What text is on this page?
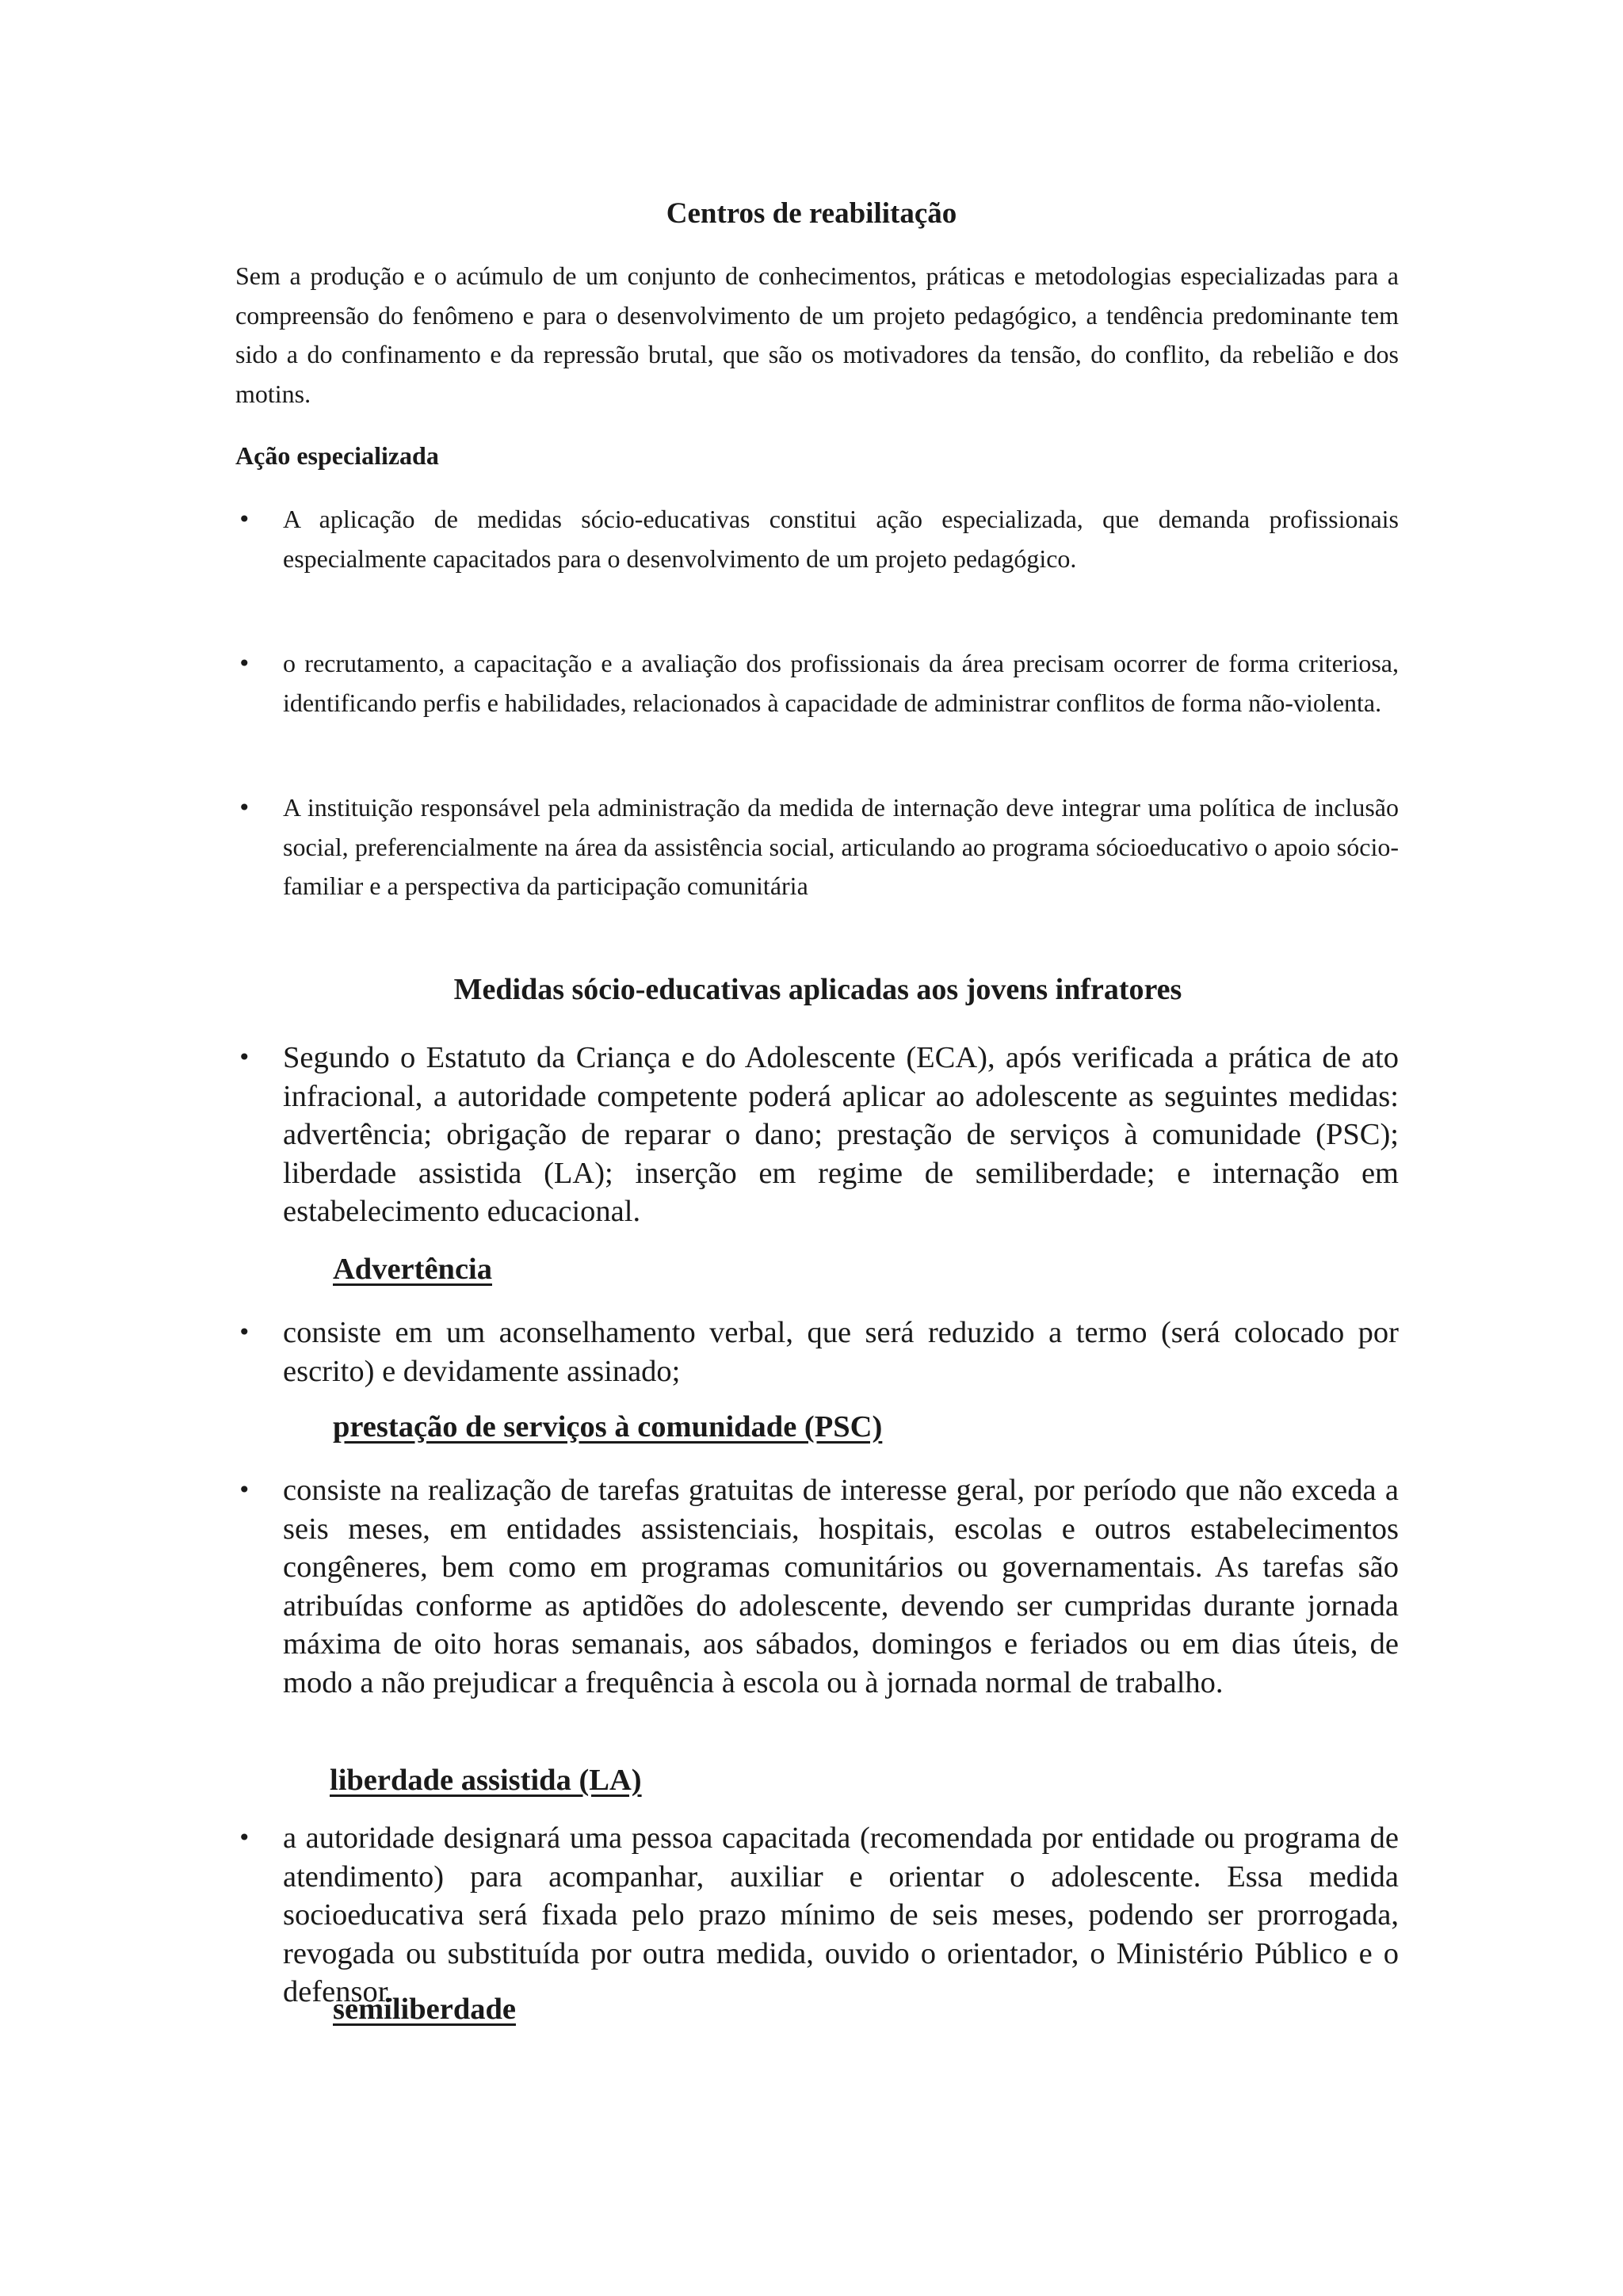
Centros de reabilitação

Sem a produção e o acúmulo de um conjunto de conhecimentos, práticas e metodologias especializadas para a compreensão do fenômeno e para o desenvolvimento de um projeto pedagógico, a tendência predominante tem sido a do confinamento e da repressão brutal, que são os motivadores da tensão, do conflito, da rebelião e dos motins.

Ação especializada
• A aplicação de medidas sócio-educativas constitui ação especializada, que demanda profissionais especialmente capacitados para o desenvolvimento de um projeto pedagógico.
• o recrutamento, a capacitação e a avaliação dos profissionais da área precisam ocorrer de forma criteriosa, identificando perfis e habilidades, relacionados à capacidade de administrar conflitos de forma não-violenta.
• A instituição responsável pela administração da medida de internação deve integrar uma política de inclusão social, preferencialmente na área da assistência social, articulando ao programa sócioeducativo o apoio sócio-familiar e a perspectiva da participação comunitária
Medidas sócio-educativas aplicadas aos jovens infratores
• Segundo o Estatuto da Criança e do Adolescente (ECA), após verificada a prática de ato infracional, a autoridade competente poderá aplicar ao adolescente as seguintes medidas: advertência; obrigação de reparar o dano; prestação de serviços à comunidade (PSC); liberdade assistida (LA); inserção em regime de semiliberdade; e internação em estabelecimento educacional.
Advertência
• consiste em um aconselhamento verbal, que será reduzido a termo (será colocado por escrito) e devidamente assinado;
prestação de serviços à comunidade (PSC)
• consiste na realização de tarefas gratuitas de interesse geral, por período que não exceda a seis meses, em entidades assistenciais, hospitais, escolas e outros estabelecimentos congêneres, bem como em programas comunitários ou governamentais. As tarefas são atribuídas conforme as aptidões do adolescente, devendo ser cumpridas durante jornada máxima de oito horas semanais, aos sábados, domingos e feriados ou em dias úteis, de modo a não prejudicar a frequência à escola ou à jornada normal de trabalho.
liberdade assistida (LA)
• a autoridade designará uma pessoa capacitada (recomendada por entidade ou programa de atendimento) para acompanhar, auxiliar e orientar o adolescente. Essa medida socioeducativa será fixada pelo prazo mínimo de seis meses, podendo ser prorrogada, revogada ou substituída por outra medida, ouvido o orientador, o Ministério Público e o defensor.
semiliberdade
